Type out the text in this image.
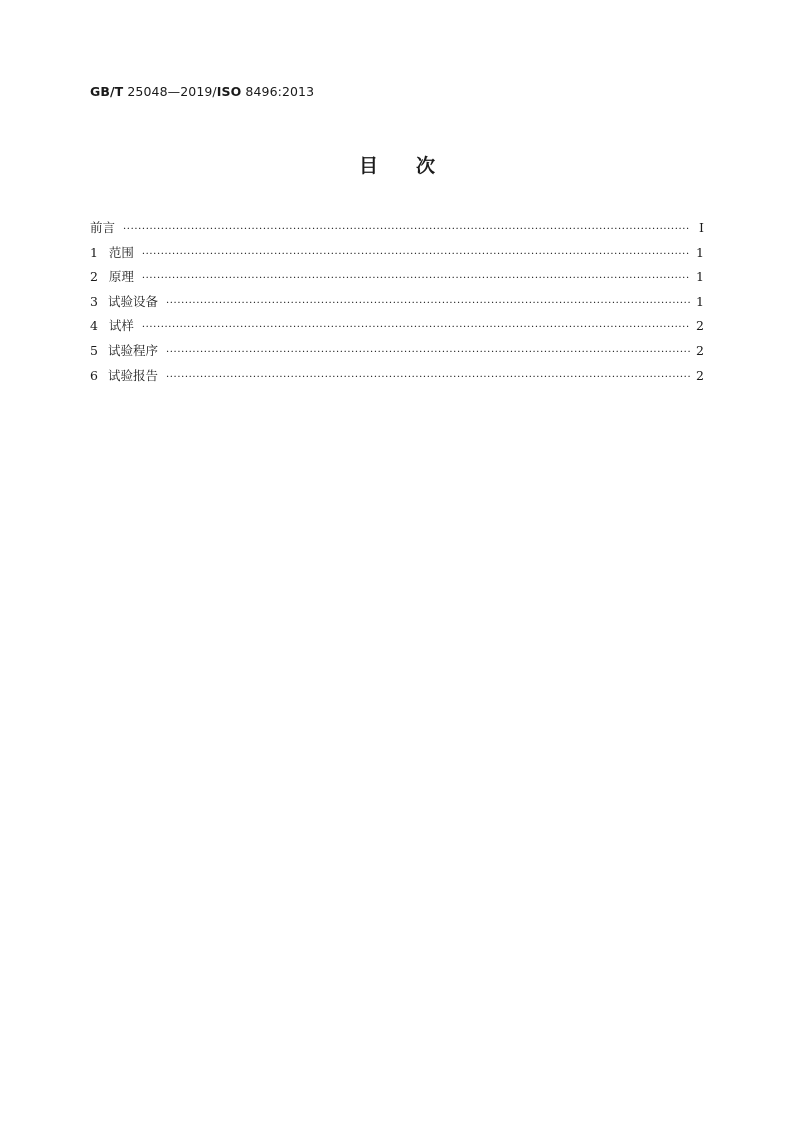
GB/T 25048—2019/ISO 8496:2013
目次
前言 ·····	Ⅰ
1 范围 ·····	1
2 原理 ·····	1
3 试验设备 ·····	1
4 试样 ·····	2
5 试验程序 ·····	2
6 试验报告 ·····	2
